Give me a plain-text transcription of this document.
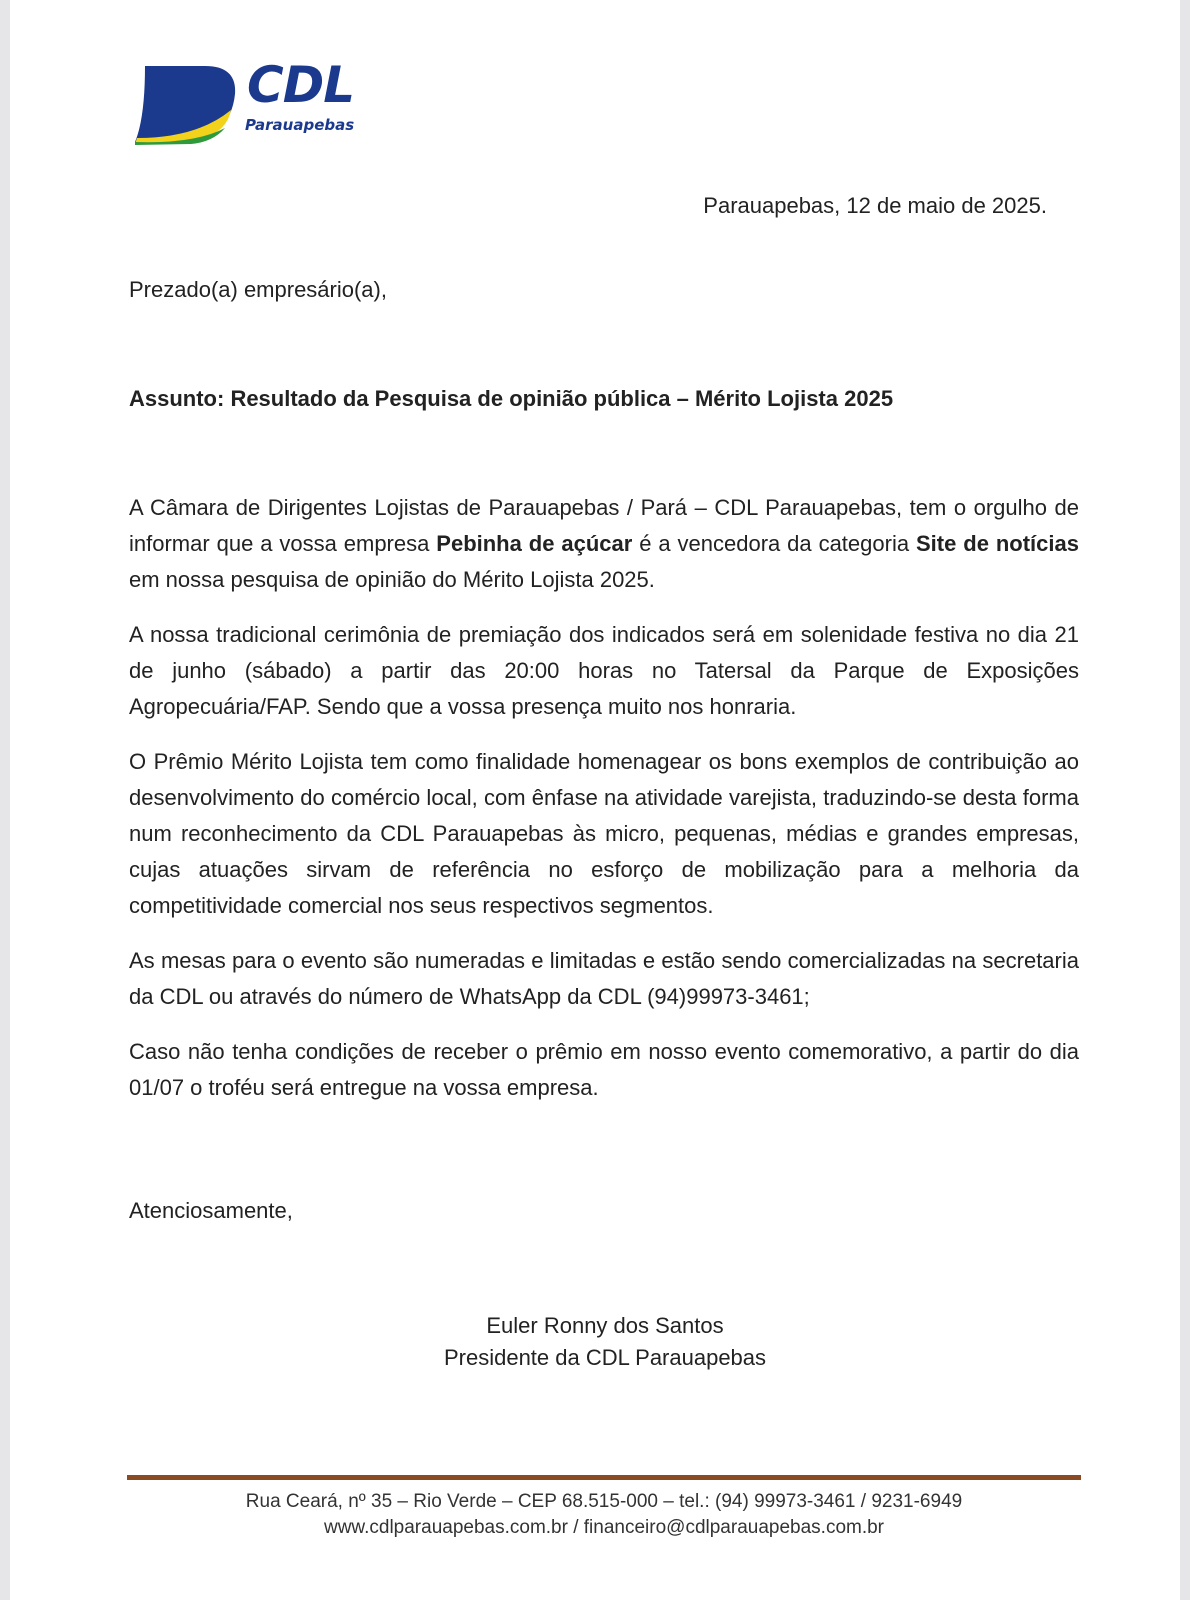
CDL
Parauapebas
Parauapebas, 12 de maio de 2025.
Prezado(a) empresário(a),
Assunto: Resultado da Pesquisa de opinião pública – Mérito Lojista 2025

A Câmara de Dirigentes Lojistas de Parauapebas / Pará – CDL Parauapebas, tem o orgulho de informar que a vossa empresa Pebinha de açúcar é a vencedora da categoria Site de notícias em nossa pesquisa de opinião do Mérito Lojista 2025.

A nossa tradicional cerimônia de premiação dos indicados será em solenidade festiva no dia 21 de junho (sábado) a partir das 20:00 horas no Tatersal da Parque de Exposições Agropecuária/FAP. Sendo que a vossa presença muito nos honraria.

O Prêmio Mérito Lojista tem como finalidade homenagear os bons exemplos de contribuição ao desenvolvimento do comércio local, com ênfase na atividade varejista, traduzindo-se desta forma num reconhecimento da CDL Parauapebas às micro, pequenas, médias e grandes empresas, cujas atuações sirvam de referência no esforço de mobilização para a melhoria da competitividade comercial nos seus respectivos segmentos.

As mesas para o evento são numeradas e limitadas e estão sendo comercializadas na secretaria da CDL ou através do número de WhatsApp da CDL (94)99973-3461;

Caso não tenha condições de receber o prêmio em nosso evento comemorativo, a partir do dia 01/07 o troféu será entregue na vossa empresa.

Atenciosamente,
Euler Ronny dos Santos
Presidente da CDL Parauapebas
Rua Ceará, nº 35 – Rio Verde – CEP 68.515-000 – tel.: (94) 99973-3461 / 9231-6949
www.cdlparauapebas.com.br / financeiro@cdlparauapebas.com.br
